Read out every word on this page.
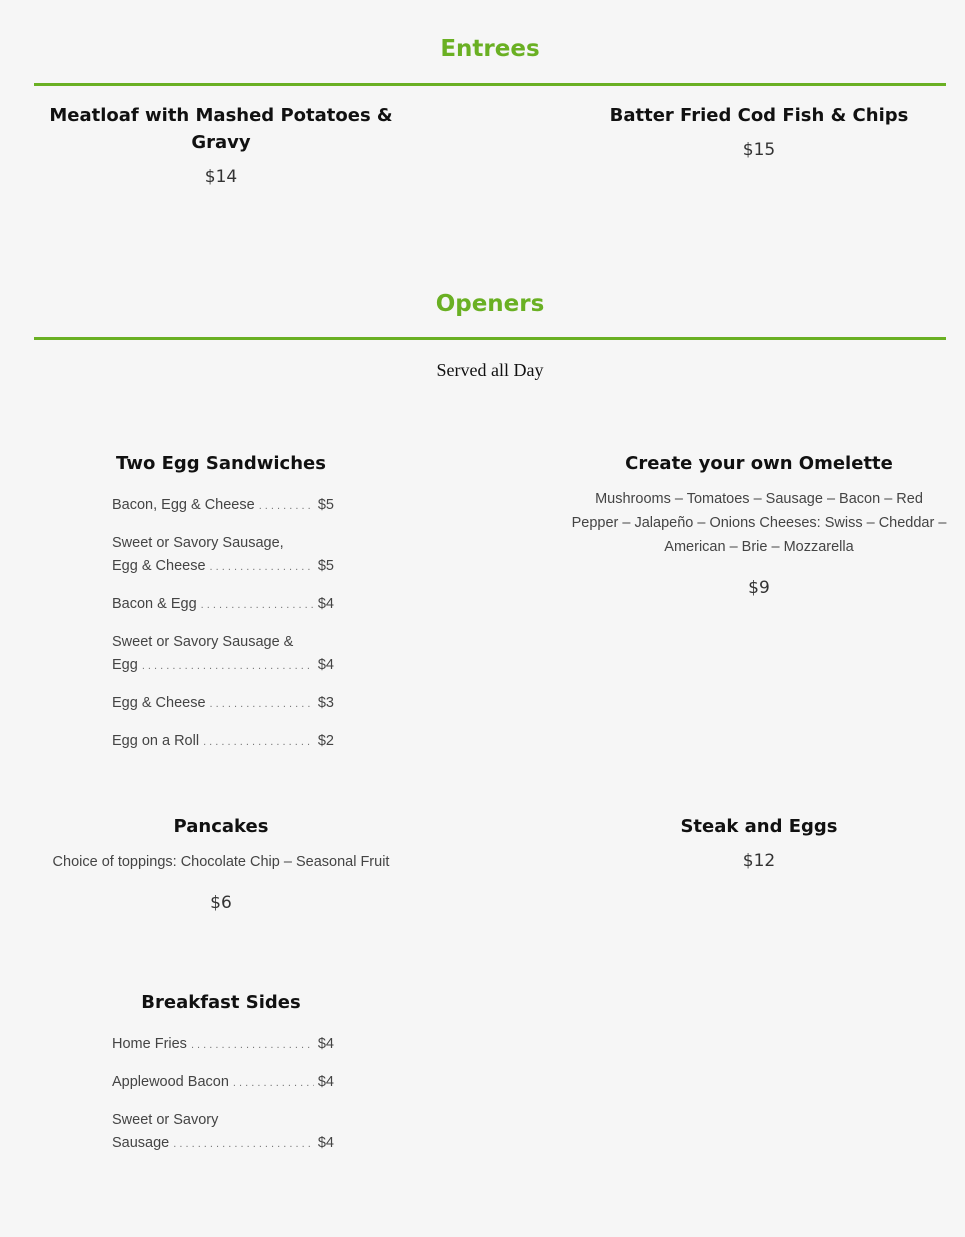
Entrees

Meatloaf with Mashed Potatoes & Gravy

$14

Batter Fried Cod Fish & Chips

$15
Openers
Served all Day

Two Egg Sandwiches

Bacon, Egg & Cheese . . .	$5
Sweet or Savory Sausage,
Egg & Cheese . . .	$5
Bacon & Egg . . .	$4
Sweet or Savory Sausage &
Egg . . .	$4
Egg & Cheese . . .	$3
Egg on a Roll . . .	$2

Create your own Omelette

Mushrooms – Tomatoes – Sausage – Bacon – Red Pepper – Jalapeño – Onions Cheeses: Swiss – Cheddar – American – Brie – Mozzarella
$9

Pancakes

Choice of toppings: Chocolate Chip – Seasonal Fruit
$6

Steak and Eggs

$12

Breakfast Sides

Home Fries . . .	$4
Applewood Bacon . . .	$4
Sweet or Savory
Sausage . . .	$4
